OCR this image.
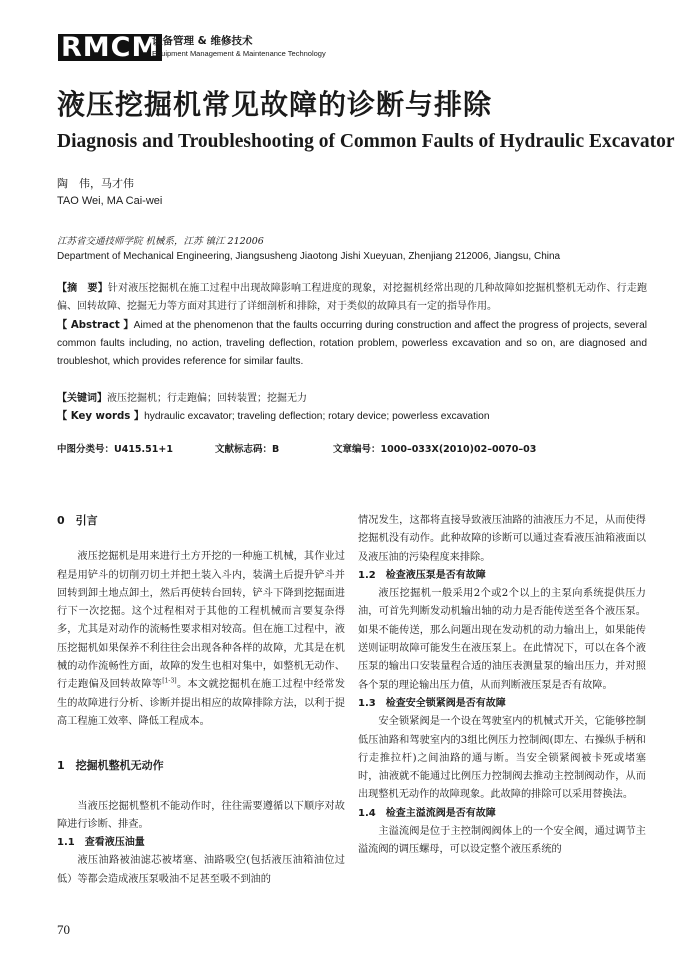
RMCM
设备管理 & 维修技术
Equipment Management & Maintenance Technology
液压挖掘机常见故障的诊断与排除
Diagnosis and Troubleshooting of Common Faults of Hydraulic Excavator
陶　伟，马才伟
TAO Wei, MA Cai-wei
江苏省交通技师学院 机械系，江苏 镇江 212006
Department of Mechanical Engineering, Jiangsusheng Jiaotong Jishi Xueyuan, Zhenjiang 212006, Jiangsu, China
【摘　要】针对液压挖掘机在施工过程中出现故障影响工程进度的现象，对挖掘机经常出现的几种故障如挖掘机整机无动作、行走跑偏、回转故障、挖掘无力等方面对其进行了详细剖析和排除，对于类似的故障具有一定的指导作用。
【 Abstract 】Aimed at the phenomenon that the faults occurring during construction and affect the progress of projects, several common faults including, no action, traveling deflection, rotation problem, powerless excavation and so on, are diagnosed and troubleshot, which provides reference for similar faults.
【关键词】液压挖掘机；行走跑偏；回转装置；挖掘无力
【 Key words 】hydraulic excavator; traveling deflection; rotary device; powerless excavation
中图分类号：U415.51+1	文献标志码：B	文章编号：1000–033X(2010)02–0070–03
0　引言

液压挖掘机是用来进行土方开挖的一种施工机械，其作业过程是用铲斗的切削刃切土并把土装入斗内，装满土后提升铲斗并回转到卸土地点卸土，然后再使转台回转，铲斗下降到挖掘面进行下一次挖掘。这个过程相对于其他的工程机械而言要复杂得多，尤其是对动作的流畅性要求相对较高。但在施工过程中，液压挖掘机如果保养不利往往会出现各种各样的故障，尤其是在机械的动作流畅性方面，故障的发生也相对集中，如整机无动作、行走跑偏及回转故障等[1-3]。本文就挖掘机在施工过程中经常发生的故障进行分析、诊断并提出相应的故障排除方法，以利于提高工程施工效率、降低工程成本。

1　挖掘机整机无动作

当液压挖掘机整机不能动作时，往往需要遵循以下顺序对故障进行诊断、排查。

1.1　查看液压油量

液压油路被油滤芯被堵塞、油路吸空(包括液压油箱油位过低）等都会造成液压泵吸油不足甚至吸不到油的

情况发生，这都将直接导致液压油路的油液压力不足，从而使得挖掘机没有动作。此种故障的诊断可以通过查看液压油箱液面以及液压油的污染程度来排除。

1.2　检查液压泵是否有故障

液压挖掘机一般采用2个或2个以上的主泵向系统提供压力油，可首先判断发动机输出轴的动力是否能传送至各个液压泵。如果不能传送，那么问题出现在发动机的动力输出上，如果能传送则证明故障可能发生在液压泵上。在此情况下，可以在各个液压泵的输出口安装量程合适的油压表测量泵的输出压力，并对照各个泵的理论输出压力值，从而判断液压泵是否有故障。

1.3　检查安全锁紧阀是否有故障

安全锁紧阀是一个设在驾驶室内的机械式开关，它能够控制低压油路和驾驶室内的3组比例压力控制阀(即左、右操纵手柄和行走推拉杆)之间油路的通与断。当安全锁紧阀被卡死或堵塞时，油液就不能通过比例压力控制阀去推动主控制阀动作，从而出现整机无动作的故障现象。此故障的排除可以采用替换法。

1.4　检查主溢流阀是否有故障

主溢流阀是位于主控制阀阀体上的一个安全阀，通过调节主溢流阀的调压螺母，可以设定整个液压系统的

70
